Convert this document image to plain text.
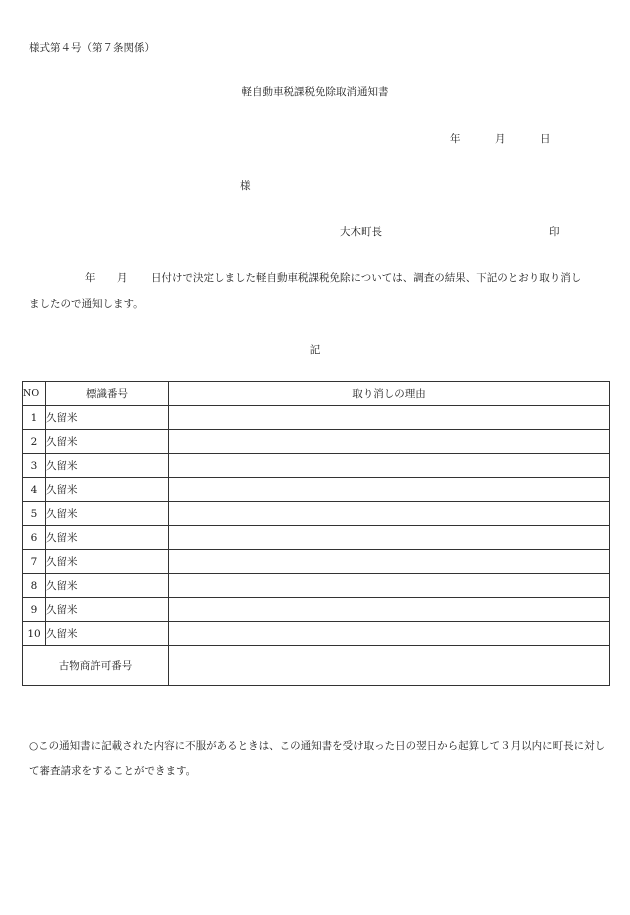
様式第４号（第７条関係）
軽自動車税課税免除取消通知書
年	月	日
様
大木町長	印
年 月 日付けで決定しました軽自動車税課税免除については、調査の結果、下記のとおり取り消し
ましたので通知します。
記
NO	標識番号	取り消しの理由
1	久留米	
2	久留米	
3	久留米	
4	久留米	
5	久留米	
6	久留米	
7	久留米	
8	久留米	
9	久留米	
10	久留米	
古物商許可番号		
○この通知書に記載された内容に不服があるときは、この通知書を受け取った日の翌日から起算して３月以内に町長に対し
て審査請求をすることができます。
